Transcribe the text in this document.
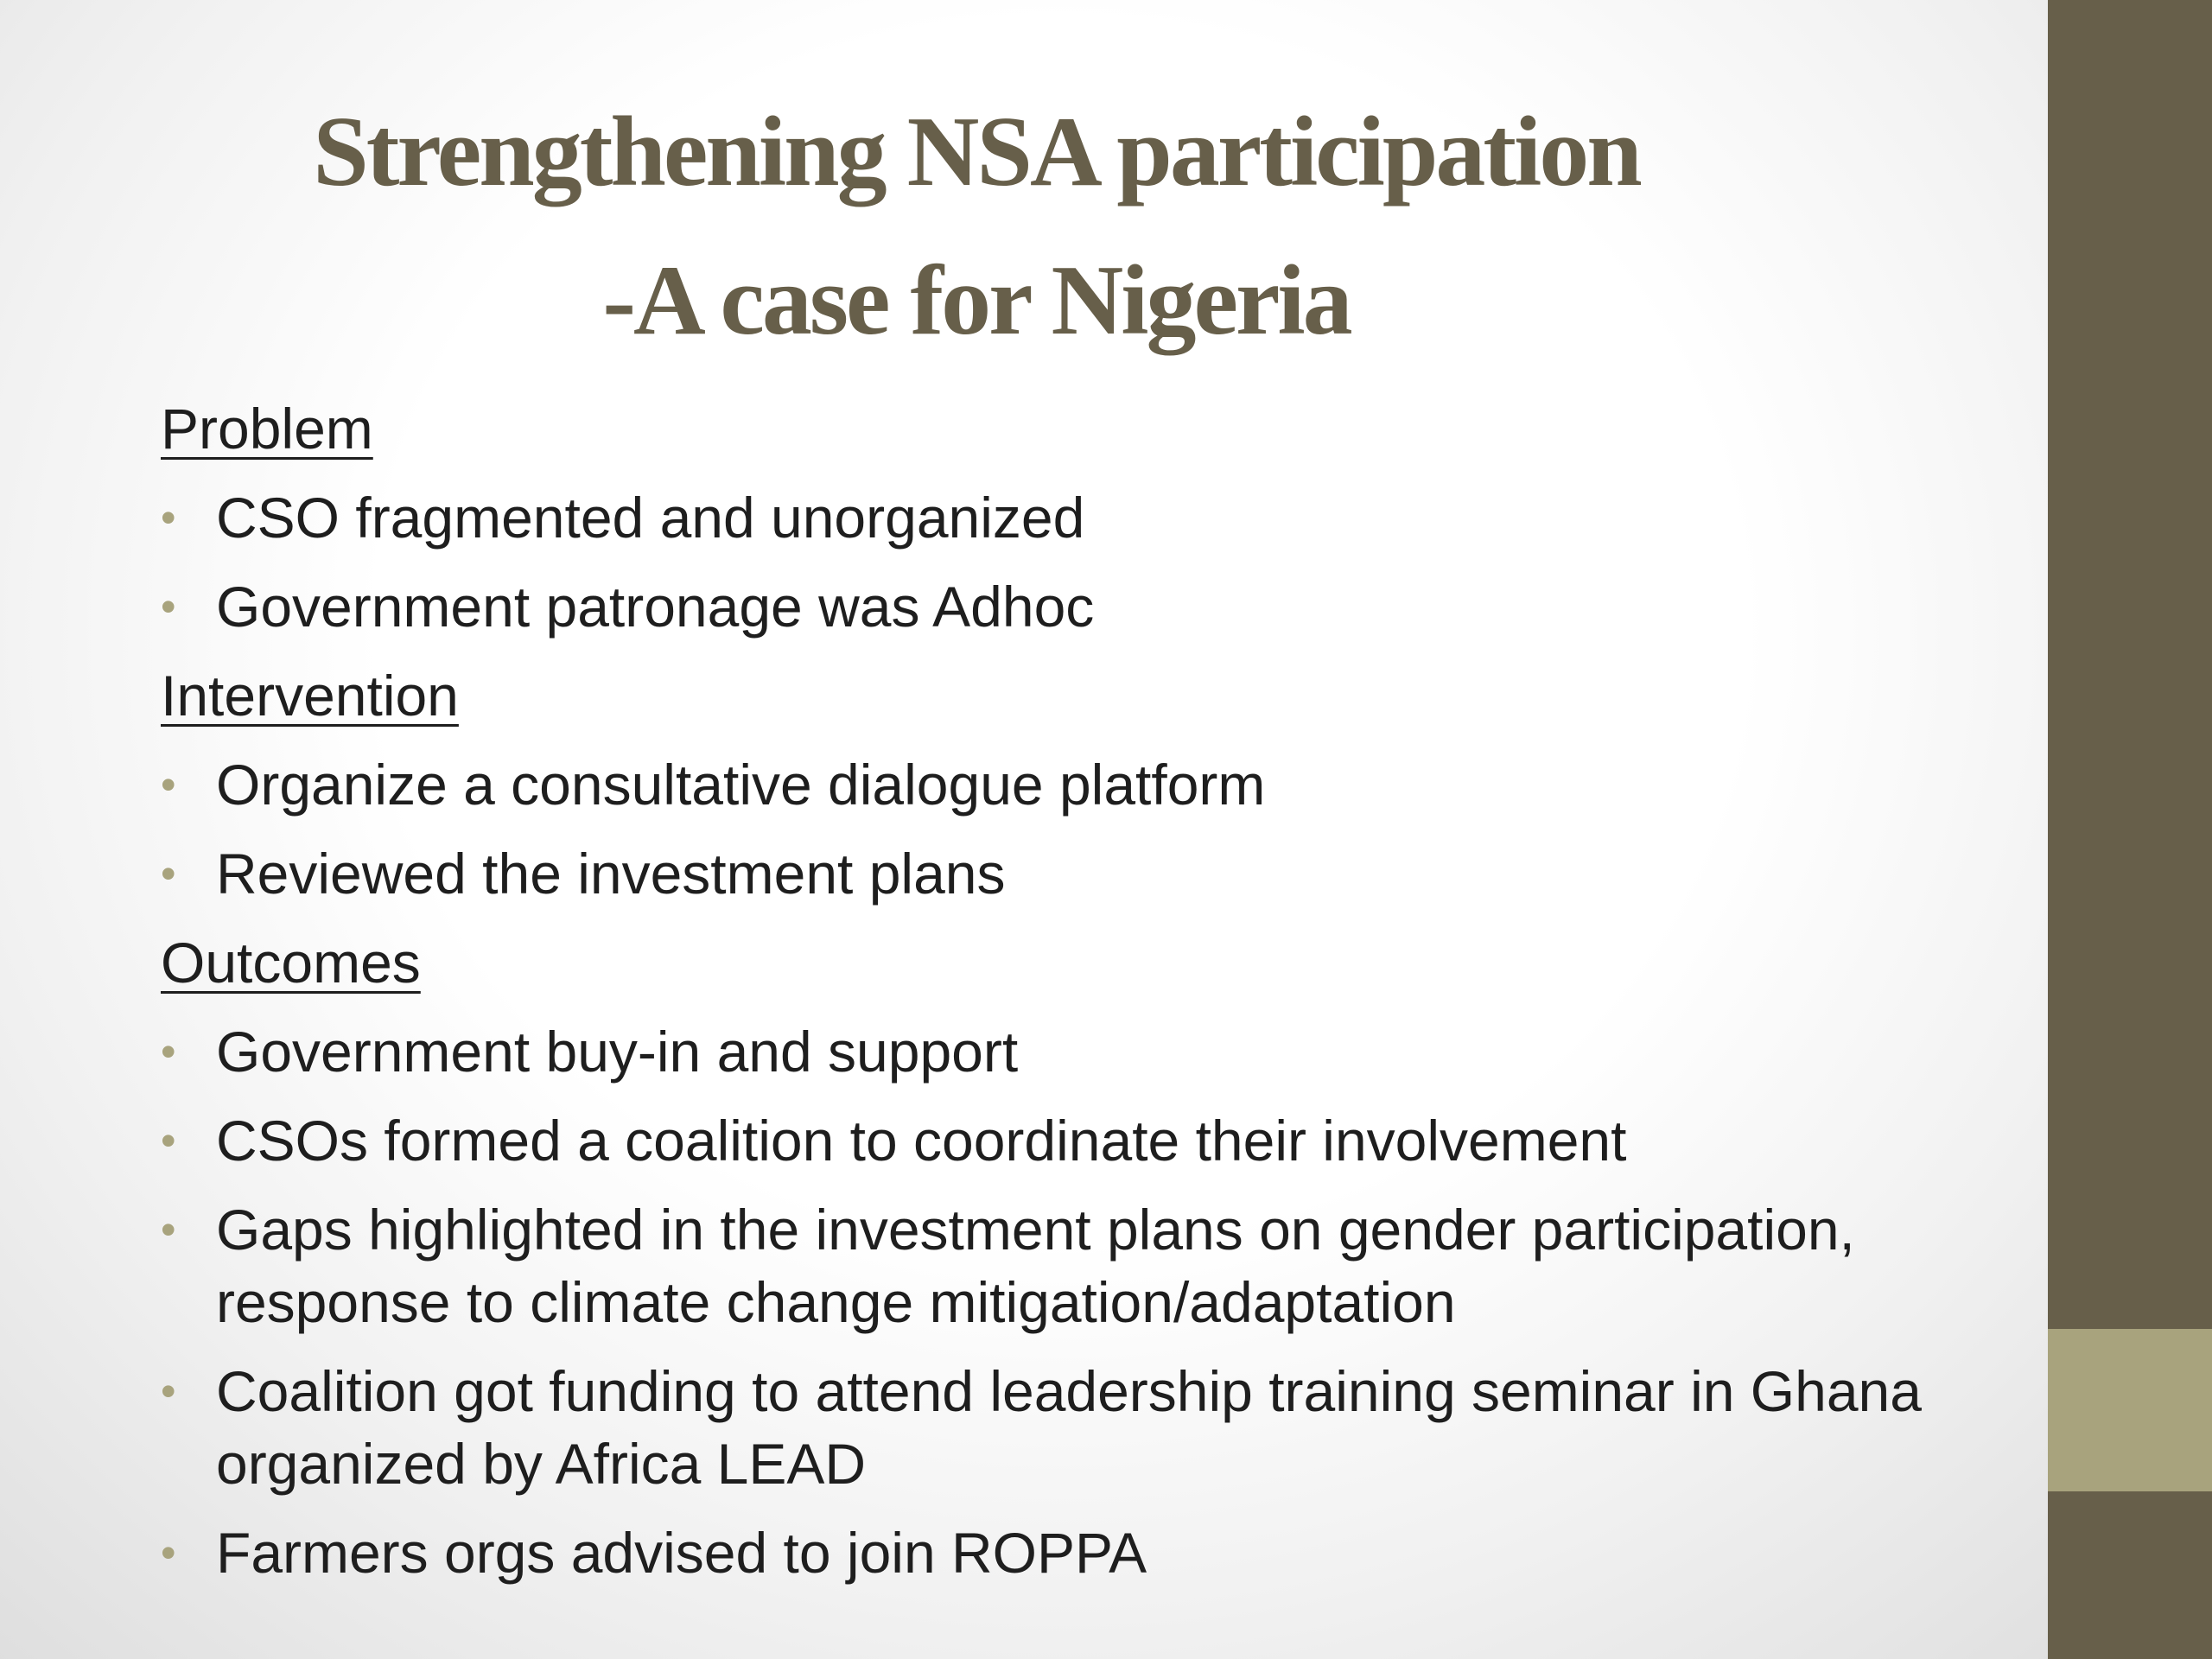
Strengthening NSA participation
-A case for Nigeria
Problem
• CSO fragmented and unorganized
• Government patronage was Adhoc
Intervention
• Organize a consultative dialogue platform
• Reviewed the investment plans
Outcomes
• Government buy-in and support
• CSOs formed a coalition to coordinate their involvement
• Gaps highlighted in the investment plans on gender participation, response to climate change mitigation/adaptation
• Coalition got funding to attend leadership training seminar in Ghana organized by Africa LEAD
• Farmers orgs advised to join ROPPA
